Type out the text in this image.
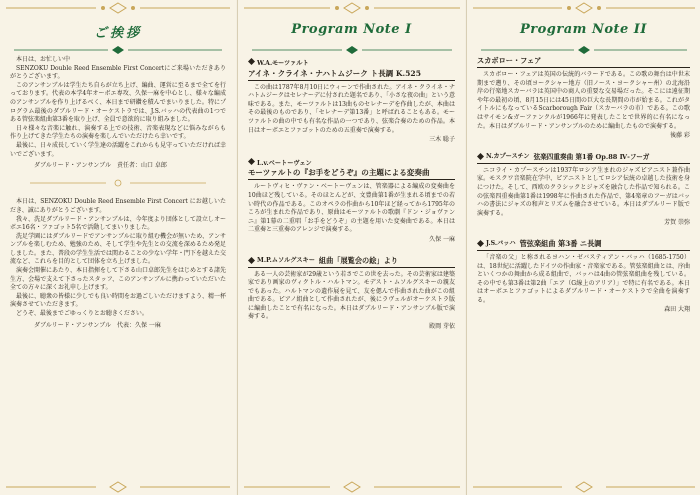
ご挨拶

本日は、お忙しい中

SENZOKU Double Reed Ensemble First Concertにご来場いただきありがとうございます。

このアンサンブルは学生たち自らが立ち上げ、編曲、運営に至るまで全てを行っております。代表の本学4年オーボエ専攻、久保一麻を中心とし、様々な編成のアンサンブルを作り上げるべく、本日まで研鑽を積んでまいりました。特にプログラム最後のダブルリード・オーケストラでは、J.S.バッハの代表曲の1つである管弦楽組曲第3番を取り上げ、全員で意欲的に取り組みました。

日々様々な音楽に触れ、演奏する上での技術、音楽表現などに悩みながらも作り上げてきた学生たちの演奏を楽しんでいただけたら幸いです。

最後に、日々成長していく学生達の活躍をこれからも見守っていただければ幸いでございます。

ダブルリード・アンサンブル　責任者：山口 卓郎

本日は、SENZOKU Double Reed Ensemble First Concert にお越しいただき、誠にありがとうございます。

我々、洗足ダブルリード・アンサンブルは、今年度より団体として設立しオーボエ16名・ファゴット5名で活動してまいりました。

洗足学園にはダブルリードでアンサンブルに取り組む機会が無いため、アンサンブルを楽しむため、勉強のため、そして学生や先生との交流を深めるため発足しました。また、普段の学生生活では関わることの少ない学年・門下を越えた交流など、これらを目的として団体を立ち上げました。

演奏会開催にあたり、本日指揮をして下さる山口卓郎先生をはじめとする諸先生方、会場で支えて下さったスタッフ、このアンサンブルに携わっていただいた全ての方々に深くお礼申し上げます。

最後に、聴衆の皆様に少しでも良い時間をお過ごしいただけますよう、精一杯演奏させていただきます。

どうぞ、最後までごゆっくりとお聴きください。

ダブルリード・アンサンブル　代表：久保 一麻

Program Note I
W.A.モーツァルト
アイネ・クライネ・ナハトムジーク ト長調 K.525

この曲は1787年8月10日にウィーンで作曲された。アイネ・クライネ・ナハトムジークはセレナーデに付された題名であり、「小さな夜の曲」という意味である。また、モーツァルトは13曲ものセレナーデを作曲したが、本曲はその最後のものであり、「セレナーデ第13番」と呼ばれることもある。モーツァルトの曲の中でも有名な作品の一つであり、弦楽合奏のための作品。本日はオーボエとファゴットのための五重奏で演奏する。

三木 聡子
L.v.ベートーヴェン
モーツァルトの『お手をどうぞ』の主題による変奏曲

ルートヴィヒ・ヴァン・ベートーヴェンは、管楽器による編成の変奏曲を10曲ほど残している。そのほとんどが、文豊曲第1番が生まれる頃までの若い時代の作品である。このオペラの作曲から10年ほど経ってから1795年のころが生まれた作品であり、原曲はモーツァルトの歌劇『ドン・ジョヴァンニ』第1幕の二重唱「お手をどうぞ」の主題を用いた変奏曲である。本日は二重奏と三重奏のアレンジで演奏する。

久保 一麻
M.P.ムソルグスキー 組曲「展覧会の絵」より

ある一人の芸術家が29歳という若さでこの世を去った。その芸術家は建築家であり画家のヴィクトル・ハルトマン。モデスト・ムソルグスキーの親友でもあった。ハルトマンの遺作展を見て、友を偲んで作曲された曲がこの組曲である。ピアノ組曲として作曲されたが、後にラヴェルがオーケストラ版に編曲したことで有名になった。本日はダブルリード・アンサンブル版で演奏する。

殿岡 芽依
Program Note II
スカボロー・フェア

スカボロー・フェアは英国の伝統的バラードである。この歌の舞台は中世末期まで遡り、その頃ヨークシャー地方（旧ノース・ヨークシャー州）の北海沿岸の行楽地スカーバラは英国中の商人の重要な交易場だった。そこには遠征期や年の最初の頃、8月15日には45日間の巨大な長期間の市が始まる。これがタイトルにもなっているScarborough Fair（スカーバラの市）である。この歌はサイモン&ガーファンクルが1966年に発表したことで世界的に有名になった。本日はダブルリード・アンサンブルのために編曲したもので演奏する。

後藤 彩
N.カプースチン 弦楽四重奏曲 第1番 Op.88 Ⅳ-フーガ

ニコライ・カプースチンは1937年ロシア生まれのジャズピアニスト兼作曲家。モスクワ音楽院在学中、ピアニストとしてロシア伝統の卓越した技術を身につけた。そして、西欧のクラシックとジャズを融合した作品で知られる。この弦楽四重奏曲第1番は1998年に作曲された作品で、第4楽章のフーガはバッハの書法にジャズの和声とリズムを融合させている。本日はダブルリード版で演奏する。

芳賀 崇弥
J.S.バッハ 管弦楽組曲 第3番 ニ長調

「音楽の父」と称されるヨハン・ゼバスティアン・バッハ（1685-1750）は、18世紀に活躍したドイツの作曲家・音楽家である。管弦楽組曲とは、序曲といくつかの舞曲から成る組曲で、バッハは4曲の管弦楽組曲を残している。その中でも第3番は第2曲「エア（G線上のアリア）」で特に有名である。本日はオーボエとファゴットによるダブルリード・オーケストラで全曲を演奏する。

森田 大翔
